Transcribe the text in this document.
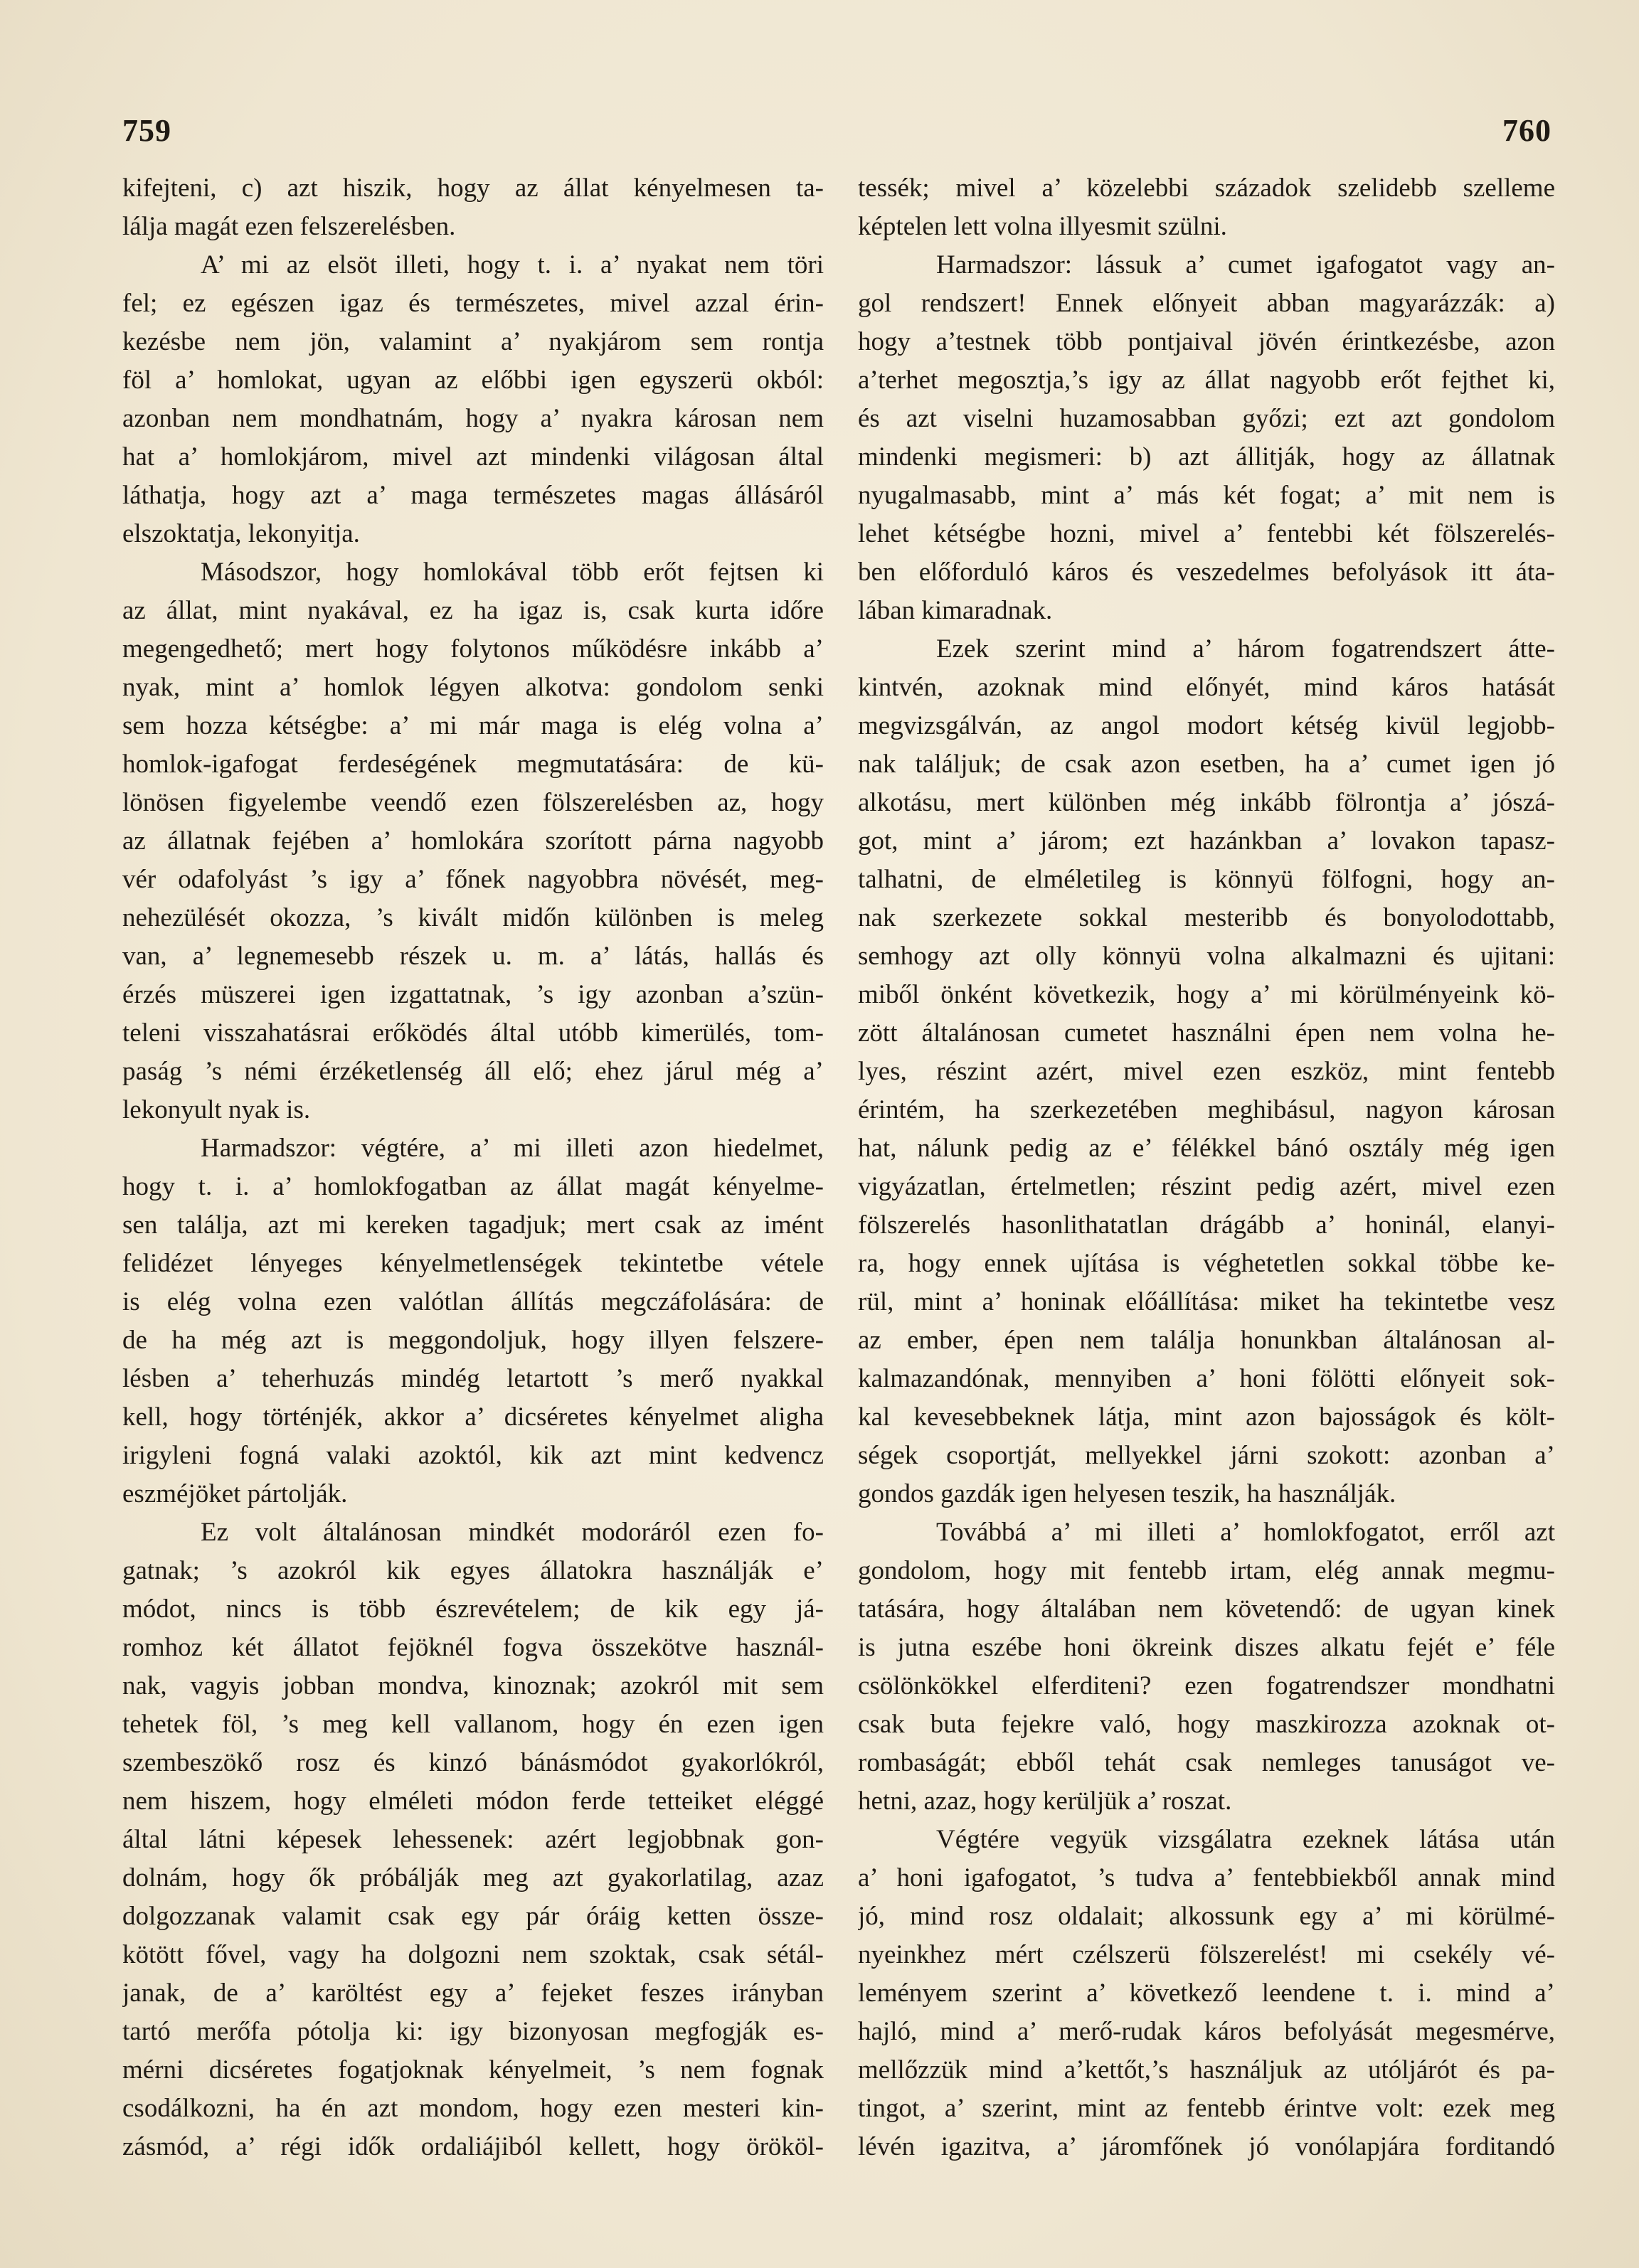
759	760
kifejteni, c) azt hiszik, hogy az állat kényelmesen ta-
lálja magát ezen felszerelésben.
A’ mi az elsöt illeti, hogy t. i. a’ nyakat nem töri
fel; ez egészen igaz és természetes, mivel azzal érin-
kezésbe nem jön, valamint a’ nyakjárom sem rontja
föl a’ homlokat, ugyan az előbbi igen egyszerü okból:
azonban nem mondhatnám, hogy a’ nyakra károsan nem
hat a’ homlokjárom, mivel azt mindenki világosan által
láthatja, hogy azt a’ maga természetes magas állásáról
elszoktatja, lekonyitja.
Másodszor, hogy homlokával több erőt fejtsen ki
az állat, mint nyakával, ez ha igaz is, csak kurta időre
megengedhető; mert hogy folytonos működésre inkább a’
nyak, mint a’ homlok légyen alkotva: gondolom senki
sem hozza kétségbe: a’ mi már maga is elég volna a’
homlok-igafogat ferdeségének megmutatására: de kü-
lönösen figyelembe veendő ezen fölszerelésben az, hogy
az állatnak fejében a’ homlokára szorított párna nagyobb
vér odafolyást ’s igy a’ főnek nagyobbra növését, meg-
nehezülését okozza, ’s kivált midőn különben is meleg
van, a’ legnemesebb részek u. m. a’ látás, hallás és
érzés müszerei igen izgattatnak, ’s igy azonban a’szün-
teleni visszahatásrai erőködés által utóbb kimerülés, tom-
paság ’s némi érzéketlenség áll elő; ehez járul még a’
lekonyult nyak is.
Harmadszor: végtére, a’ mi illeti azon hiedelmet,
hogy t. i. a’ homlokfogatban az állat magát kényelme-
sen találja, azt mi kereken tagadjuk; mert csak az imént
felidézet lényeges kényelmetlenségek tekintetbe vétele
is elég volna ezen valótlan állítás megczáfolására: de
de ha még azt is meggondoljuk, hogy illyen felszere-
lésben a’ teherhuzás mindég letartott ’s merő nyakkal
kell, hogy történjék, akkor a’ dicséretes kényelmet aligha
irigyleni fogná valaki azoktól, kik azt mint kedvencz
eszméjöket pártolják.
Ez volt általánosan mindkét modoráról ezen fo-
gatnak; ’s azokról kik egyes állatokra használják e’
módot, nincs is több észrevételem; de kik egy já-
romhoz két állatot fejöknél fogva összekötve használ-
nak, vagyis jobban mondva, kinoznak; azokról mit sem
tehetek föl, ’s meg kell vallanom, hogy én ezen igen
szembeszökő rosz és kinzó bánásmódot gyakorlókról,
nem hiszem, hogy elméleti módon ferde tetteiket eléggé
által látni képesek lehessenek: azért legjobbnak gon-
dolnám, hogy ők próbálják meg azt gyakorlatilag, azaz
dolgozzanak valamit csak egy pár óráig ketten össze-
kötött fővel, vagy ha dolgozni nem szoktak, csak sétál-
janak, de a’ karöltést egy a’ fejeket feszes irányban
tartó merőfa pótolja ki: igy bizonyosan megfogják es-
mérni dicséretes fogatjoknak kényelmeit, ’s nem fognak
csodálkozni, ha én azt mondom, hogy ezen mesteri kin-
zásmód, a’ régi idők ordaliájiból kellett, hogy örököl-
tessék; mivel a’ közelebbi századok szelidebb szelleme
képtelen lett volna illyesmit szülni.
Harmadszor: lássuk a’ cumet igafogatot vagy an-
gol rendszert! Ennek előnyeit abban magyarázzák: a)
hogy a’testnek több pontjaival jövén érintkezésbe, azon
a’terhet megosztja,’s igy az állat nagyobb erőt fejthet ki,
és azt viselni huzamosabban győzi; ezt azt gondolom
mindenki megismeri: b) azt állitják, hogy az állatnak
nyugalmasabb, mint a’ más két fogat; a’ mit nem is
lehet kétségbe hozni, mivel a’ fentebbi két fölszerelés-
ben előforduló káros és veszedelmes befolyások itt áta-
lában kimaradnak.
Ezek szerint mind a’ három fogatrendszert átte-
kintvén, azoknak mind előnyét, mind káros hatását
megvizsgálván, az angol modort kétség kivül legjobb-
nak találjuk; de csak azon esetben, ha a’ cumet igen jó
alkotásu, mert különben még inkább fölrontja a’ jószá-
got, mint a’ járom; ezt hazánkban a’ lovakon tapasz-
talhatni, de elméletileg is könnyü fölfogni, hogy an-
nak szerkezete sokkal mesteribb és bonyolodottabb,
semhogy azt olly könnyü volna alkalmazni és ujitani:
miből önként következik, hogy a’ mi körülményeink kö-
zött általánosan cumetet használni épen nem volna he-
lyes, részint azért, mivel ezen eszköz, mint fentebb
érintém, ha szerkezetében meghibásul, nagyon károsan
hat, nálunk pedig az e’ félékkel bánó osztály még igen
vigyázatlan, értelmetlen; részint pedig azért, mivel ezen
fölszerelés hasonlithatatlan drágább a’ honinál, elanyi-
ra, hogy ennek ujítása is véghetetlen sokkal többe ke-
rül, mint a’ honinak előállítása: miket ha tekintetbe vesz
az ember, épen nem találja honunkban általánosan al-
kalmazandónak, mennyiben a’ honi fölötti előnyeit sok-
kal kevesebbeknek látja, mint azon bajosságok és költ-
ségek csoportját, mellyekkel járni szokott: azonban a’
gondos gazdák igen helyesen teszik, ha használják.
Továbbá a’ mi illeti a’ homlokfogatot, erről azt
gondolom, hogy mit fentebb irtam, elég annak megmu-
tatására, hogy általában nem követendő: de ugyan kinek
is jutna eszébe honi ökreink diszes alkatu fejét e’ féle
csölönkökkel elferditeni? ezen fogatrendszer mondhatni
csak buta fejekre való, hogy maszkirozza azoknak ot-
rombaságát; ebből tehát csak nemleges tanuságot ve-
hetni, azaz, hogy kerüljük a’ roszat.
Végtére vegyük vizsgálatra ezeknek látása után
a’ honi igafogatot, ’s tudva a’ fentebbiekből annak mind
jó, mind rosz oldalait; alkossunk egy a’ mi körülmé-
nyeinkhez mért czélszerü fölszerelést! mi csekély vé-
leményem szerint a’ következő leendene t. i. mind a’
hajló, mind a’ merő-rudak káros befolyását megesmérve,
mellőzzük mind a’kettőt,’s használjuk az utóljárót és pa-
tingot, a’ szerint, mint az fentebb érintve volt: ezek meg
lévén igazitva, a’ járomfőnek jó vonólapjára forditandó
